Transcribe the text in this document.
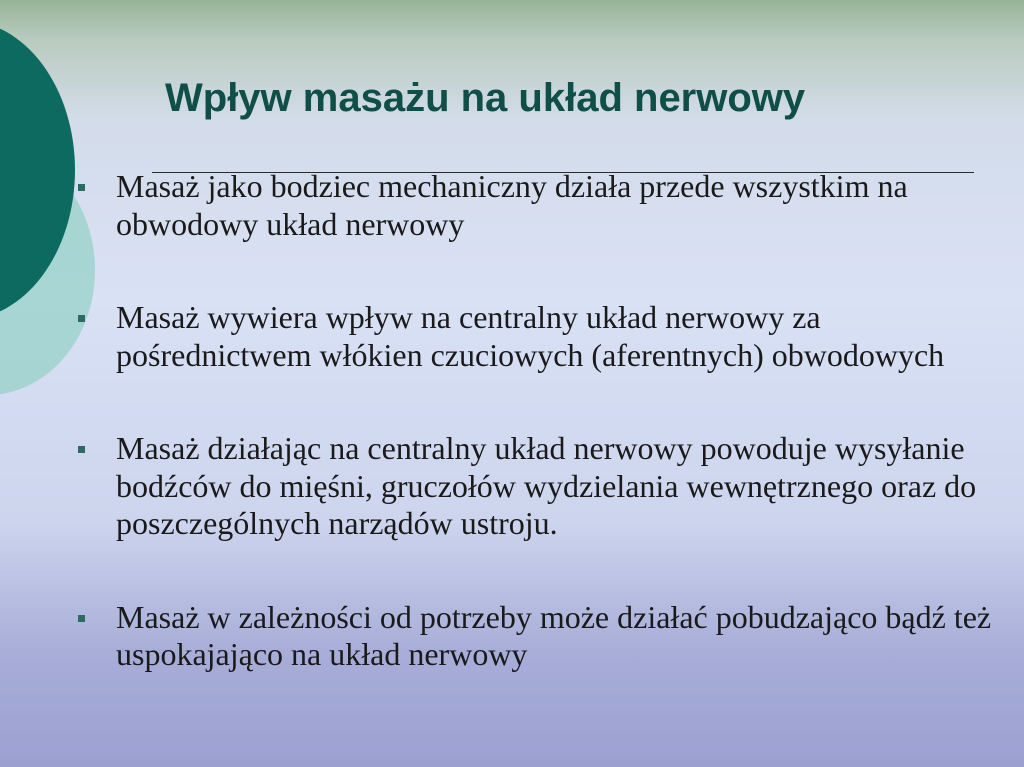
Wpływ masażu na układ nerwowy
Masaż jako bodziec mechaniczny działa przede wszystkim na obwodowy układ nerwowy
Masaż wywiera wpływ na centralny układ nerwowy za pośrednictwem włókien czuciowych (aferentnych) obwodowych
Masaż działając na centralny układ nerwowy powoduje wysyłanie bodźców do mięśni, gruczołów wydzielania wewnętrznego oraz do poszczególnych narządów ustroju.
Masaż w zależności od potrzeby może działać pobudzająco bądź też uspokajająco na układ nerwowy
